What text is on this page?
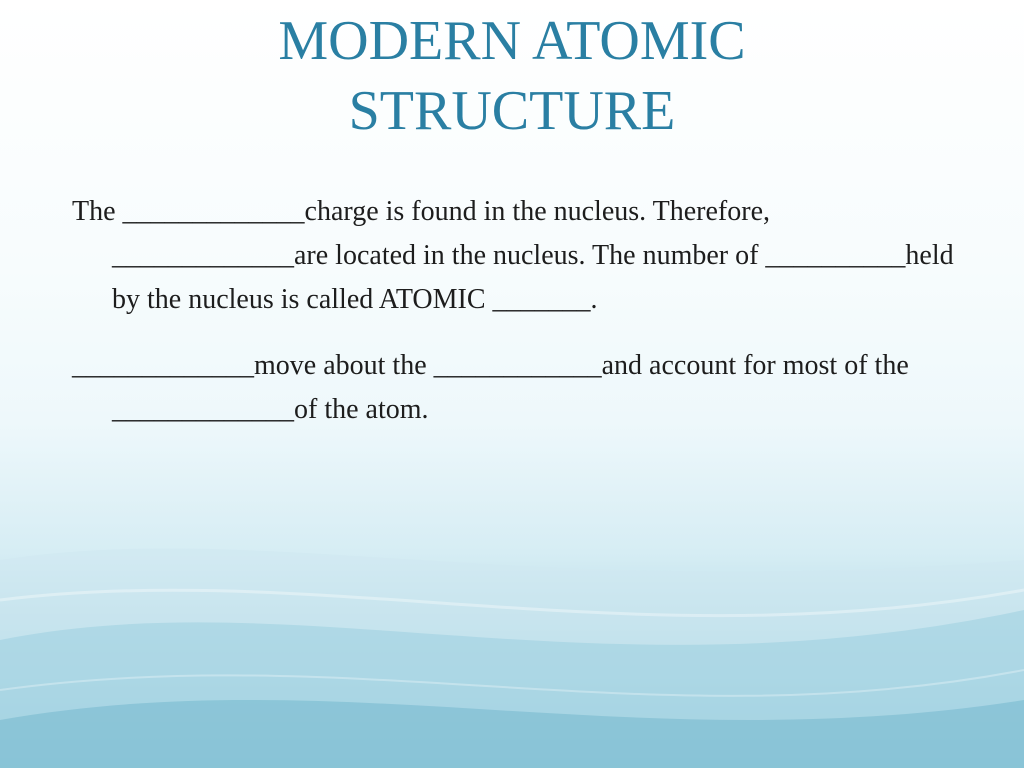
MODERN ATOMIC
STRUCTURE

The _____________charge is found in the nucleus. Therefore, _____________are located in the nucleus. The number of __________held by the nucleus is called ATOMIC _______.

_____________move about the ____________and account for most of the _____________of the atom.
